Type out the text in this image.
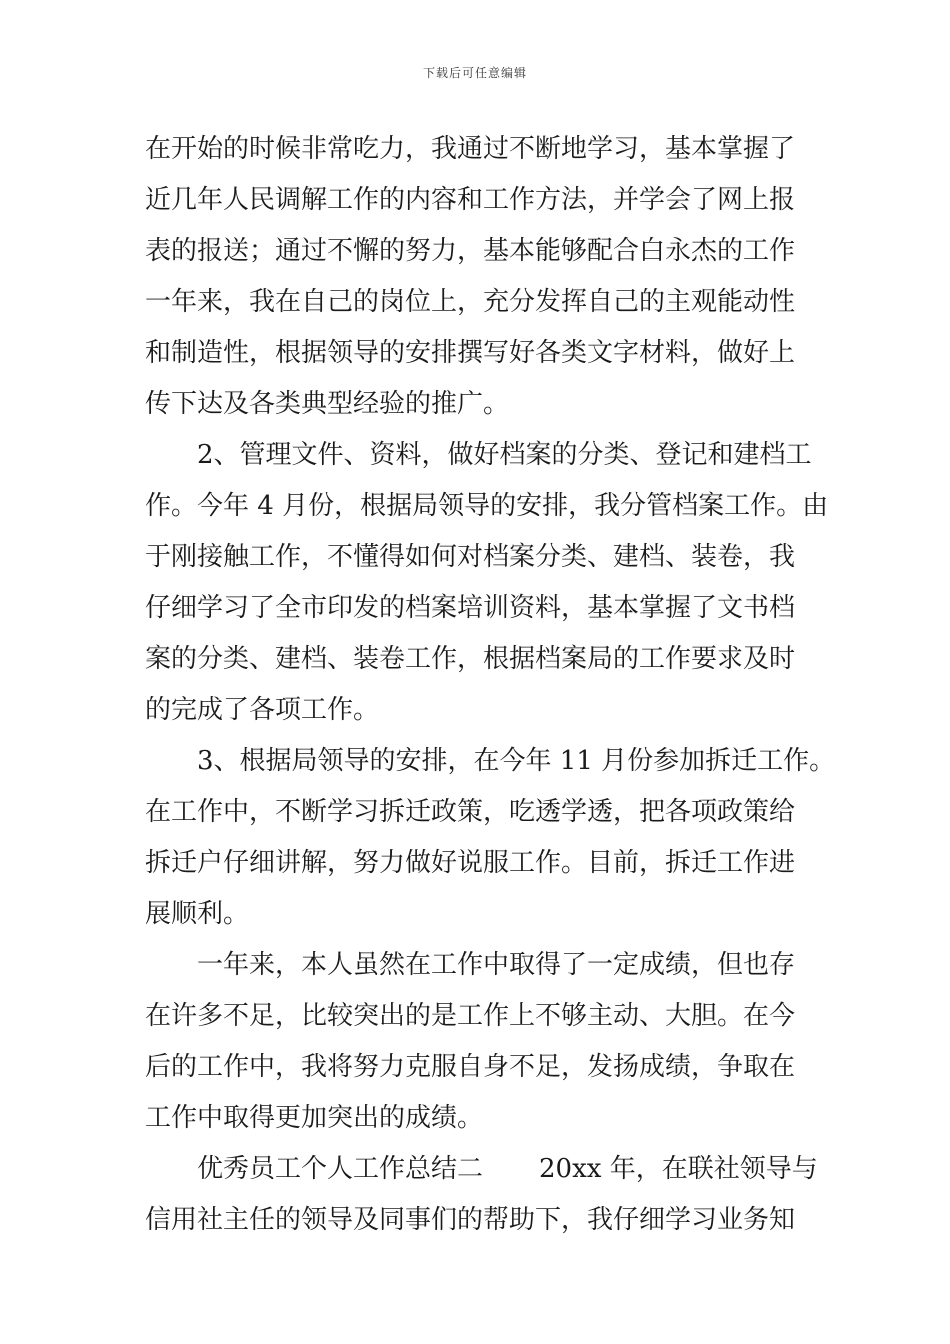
下载后可任意编辑
在开始的时候非常吃力，我通过不断地学习，基本掌握了
近几年人民调解工作的内容和工作方法，并学会了网上报
表的报送；通过不懈的努力，基本能够配合白永杰的工作
一年来，我在自己的岗位上，充分发挥自己的主观能动性
和制造性，根据领导的安排撰写好各类文字材料，做好上
传下达及各类典型经验的推广。
2、管理文件、资料，做好档案的分类、登记和建档工
作。今年 4 月份，根据局领导的安排，我分管档案工作。由
于刚接触工作，不懂得如何对档案分类、建档、装卷，我
仔细学习了全市印发的档案培训资料，基本掌握了文书档
案的分类、建档、装卷工作，根据档案局的工作要求及时
的完成了各项工作。
3、根据局领导的安排，在今年 11 月份参加拆迁工作。
在工作中，不断学习拆迁政策，吃透学透，把各项政策给
拆迁户仔细讲解，努力做好说服工作。目前，拆迁工作进
展顺利。
一年来，本人虽然在工作中取得了一定成绩，但也存
在许多不足，比较突出的是工作上不够主动、大胆。在今
后的工作中，我将努力克服自身不足，发扬成绩，争取在
工作中取得更加突出的成绩。
优秀员工个人工作总结二 20xx 年，在联社领导与
信用社主任的领导及同事们的帮助下，我仔细学习业务知
